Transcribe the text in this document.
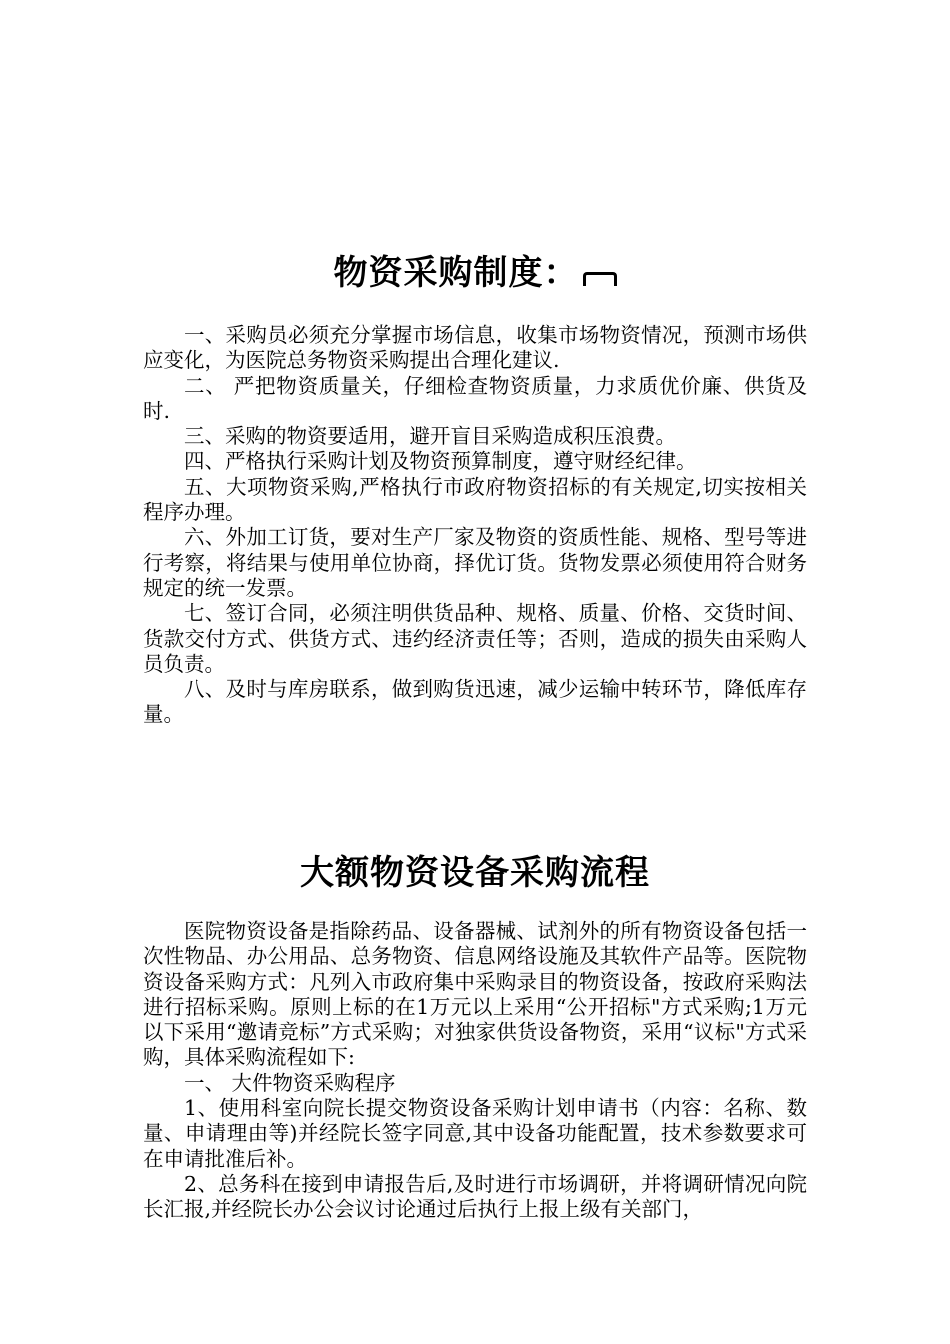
物资采购制度：

一、采购员必须充分掌握市场信息，收集市场物资情况，预测市场供应变化，为医院总务物资采购提出合理化建议.

二、 严把物资质量关，仔细检查物资质量，力求质优价廉、供货及时.

三、采购的物资要适用，避开盲目采购造成积压浪费。

四、严格执行采购计划及物资预算制度，遵守财经纪律。

五、大项物资采购,严格执行市政府物资招标的有关规定,切实按相关程序办理。

六、外加工订货，要对生产厂家及物资的资质性能、规格、型号等进行考察，将结果与使用单位协商，择优订货。货物发票必须使用符合财务规定的统一发票。

七、签订合同，必须注明供货品种、规格、质量、价格、交货时间、货款交付方式、供货方式、违约经济责任等；否则，造成的损失由采购人员负责。

八、及时与库房联系，做到购货迅速，减少运输中转环节，降低库存量。

大额物资设备采购流程

医院物资设备是指除药品、设备器械、试剂外的所有物资设备包括一次性物品、办公用品、总务物资、信息网络设施及其软件产品等。医院物资设备采购方式：凡列入市政府集中采购录目的物资设备，按政府采购法进行招标采购。原则上标的在1万元以上采用“公开招标"方式采购;1万元以下采用“邀请竞标”方式采购；对独家供货设备物资，采用“议标"方式采购，具体采购流程如下:

一、 大件物资采购程序

1、使用科室向院长提交物资设备采购计划申请书（内容：名称、数量、申请理由等)并经院长签字同意,其中设备功能配置，技术参数要求可在申请批准后补。

2、总务科在接到申请报告后,及时进行市场调研，并将调研情况向院长汇报,并经院长办公会议讨论通过后执行上报上级有关部门，
